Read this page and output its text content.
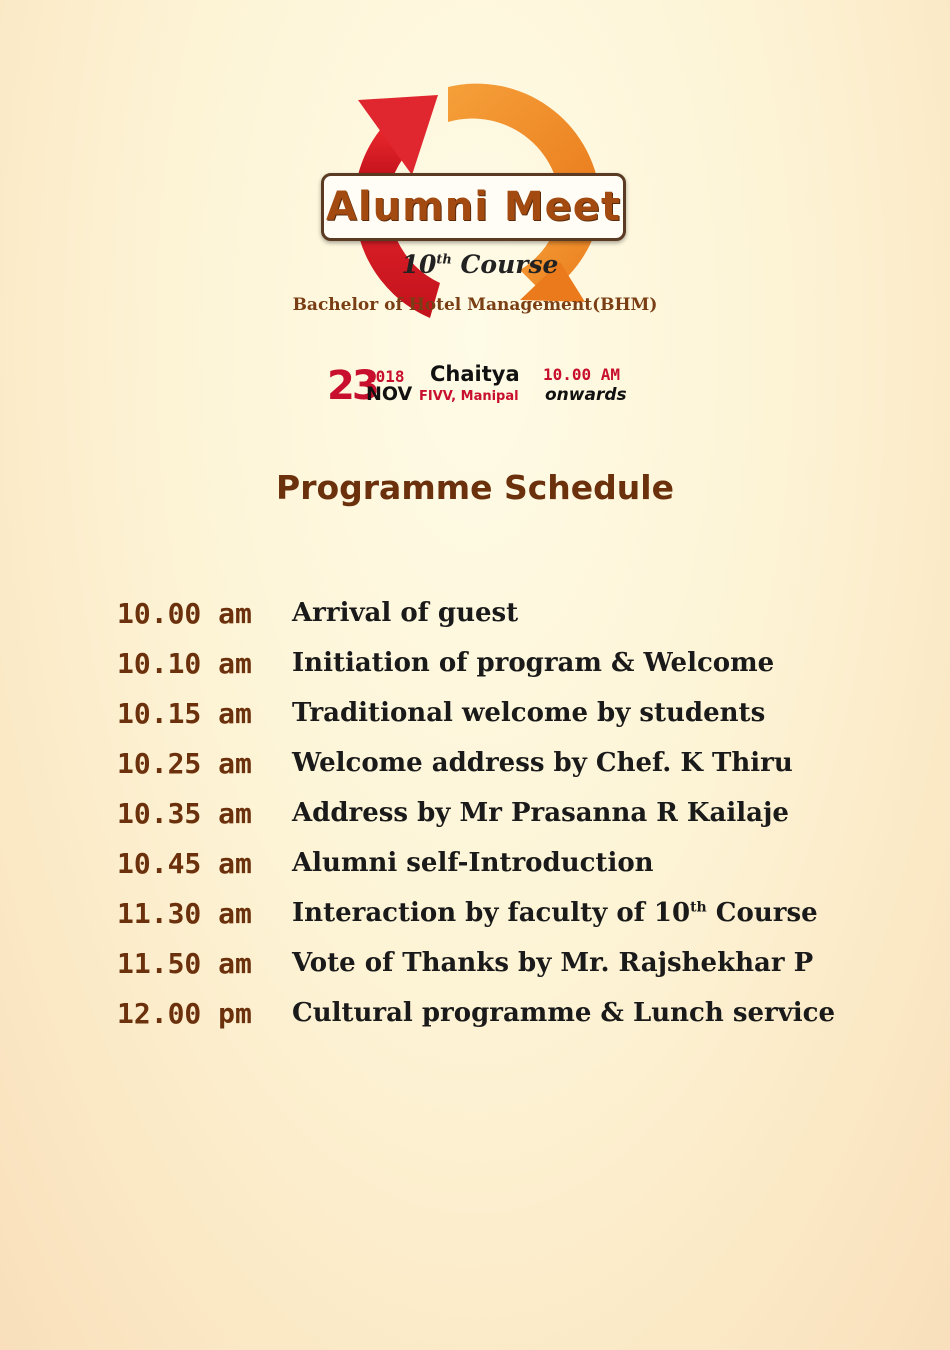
Alumni Meet
10th Course
Bachelor of Hotel Management(BHM)
23
2018
NOV
Chaitya
FIVV, Manipal
10.00 AM
onwards
Programme Schedule
10.00 am	Arrival of guest
10.10 am	Initiation of program & Welcome
10.15 am	Traditional welcome by students
10.25 am	Welcome address by Chef. K Thiru
10.35 am	Address by Mr Prasanna R Kailaje
10.45 am	Alumni self-Introduction
11.30 am	Interaction by faculty of 10th Course
11.50 am	Vote of Thanks by Mr. Rajshekhar P
12.00 pm	Cultural programme & Lunch service
